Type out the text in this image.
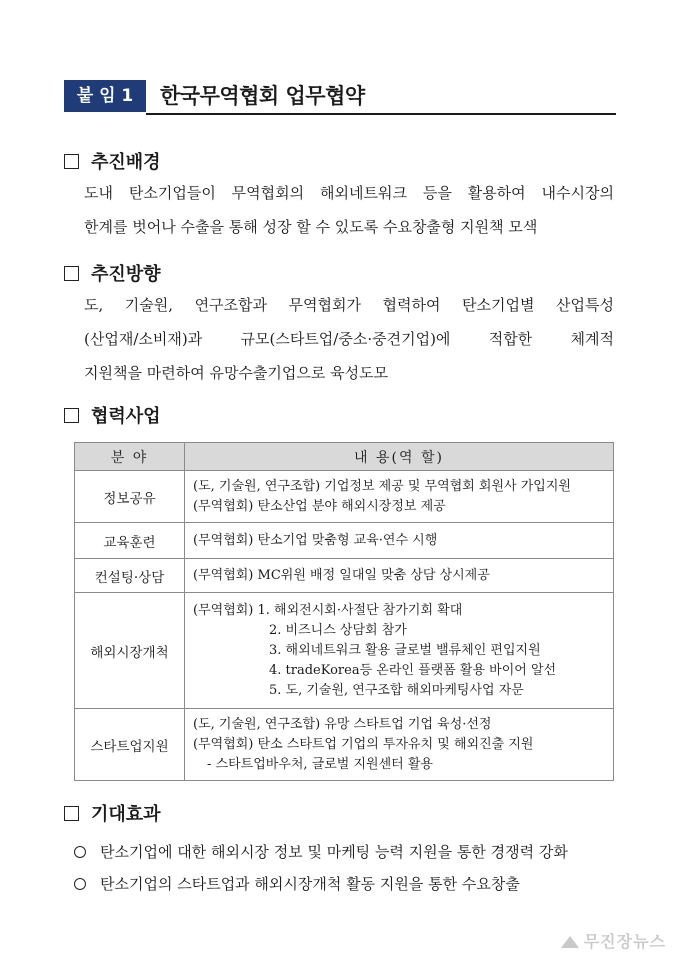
붙 임 1	한국무역협회 업무협약
추진배경
도내 탄소기업들이 무역협회의 해외네트워크 등을 활용하여 내수시장의
한계를 벗어나 수출을 통해 성장 할 수 있도록 수요창출형 지원책 모색
추진방향
도, 기술원, 연구조합과 무역협회가 협력하여 탄소기업별 산업특성
(산업재/소비재)과 규모(스타트업/중소·중견기업)에 적합한 체계적
지원책을 마련하여 유망수출기업으로 육성도모
협력사업
분 야	내 용(역 할)
정보공유	(도, 기술원, 연구조합) 기업정보 제공 및 무역협회 회원사 가입지원
(무역협회) 탄소산업 분야 해외시장정보 제공

교육훈련	(무역협회) 탄소기업 맞춤형 교육·연수 시행

컨설팅·상담	(무역협회) MC위원 배정 일대일 맞춤 상담 상시제공

해외시장개척	(무역협회) 1. 해외전시회·사절단 참가기회 확대
2. 비즈니스 상담회 참가
3. 해외네트워크 활용 글로벌 밸류체인 편입지원
4. tradeKorea등 온라인 플랫폼 활용 바이어 알선
5. 도, 기술원, 연구조합 해외마케팅사업 자문

스타트업지원	(도, 기술원, 연구조합) 유망 스타트업 기업 육성·선정
(무역협회) 탄소 스타트업 기업의 투자유치 및 해외진출 지원
- 스타트업바우처, 글로벌 지원센터 활용
기대효과
탄소기업에 대한 해외시장 정보 및 마케팅 능력 지원을 통한 경쟁력 강화
탄소기업의 스타트업과 해외시장개척 활동 지원을 통한 수요창출
무진장뉴스
